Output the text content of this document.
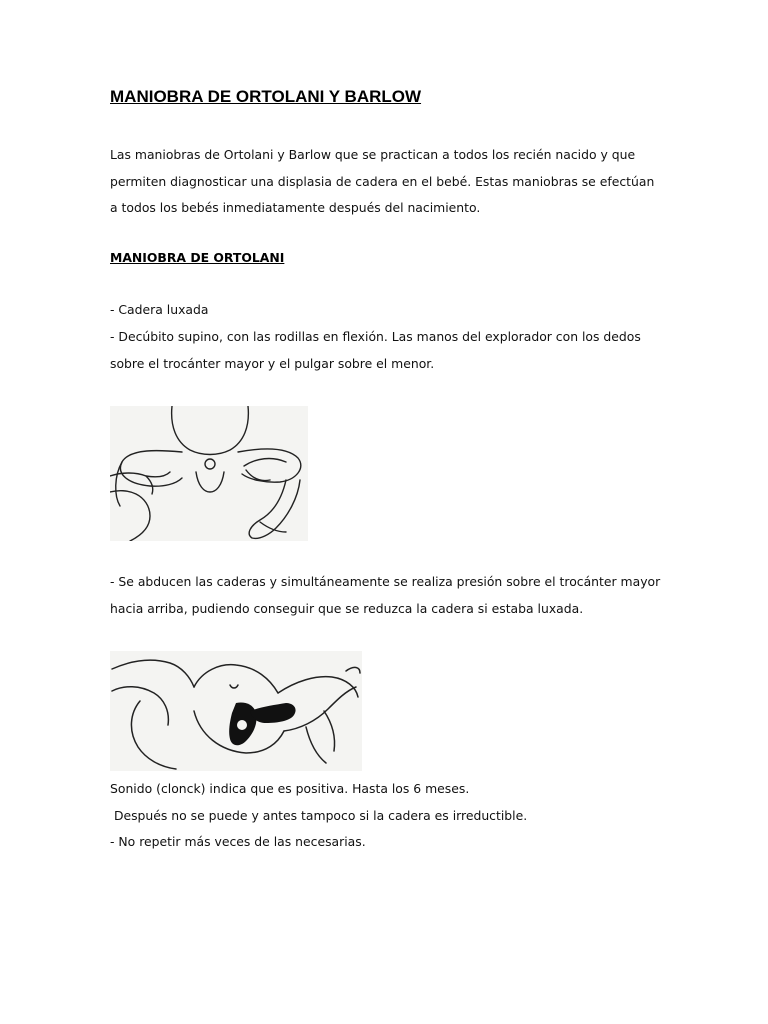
MANIOBRA DE ORTOLANI Y BARLOW

Las maniobras de Ortolani y Barlow que se practican a todos los recién nacido y que

permiten diagnosticar una displasia de cadera en el bebé. Estas maniobras se efectúan

a todos los bebés inmediatamente después del nacimiento.

MANIOBRA DE ORTOLANI

- Cadera luxada

- Decúbito supino, con las rodillas en flexión. Las manos del explorador con los dedos

sobre el trocánter mayor y el pulgar sobre el menor.

- Se abducen las caderas y simultáneamente se realiza presión sobre el trocánter mayor

hacia arriba, pudiendo conseguir que se reduzca la cadera si estaba luxada.

Sonido (clonck) indica que es positiva. Hasta los 6 meses.

Después no se puede y antes tampoco si la cadera es irreductible.

- No repetir más veces de las necesarias.
